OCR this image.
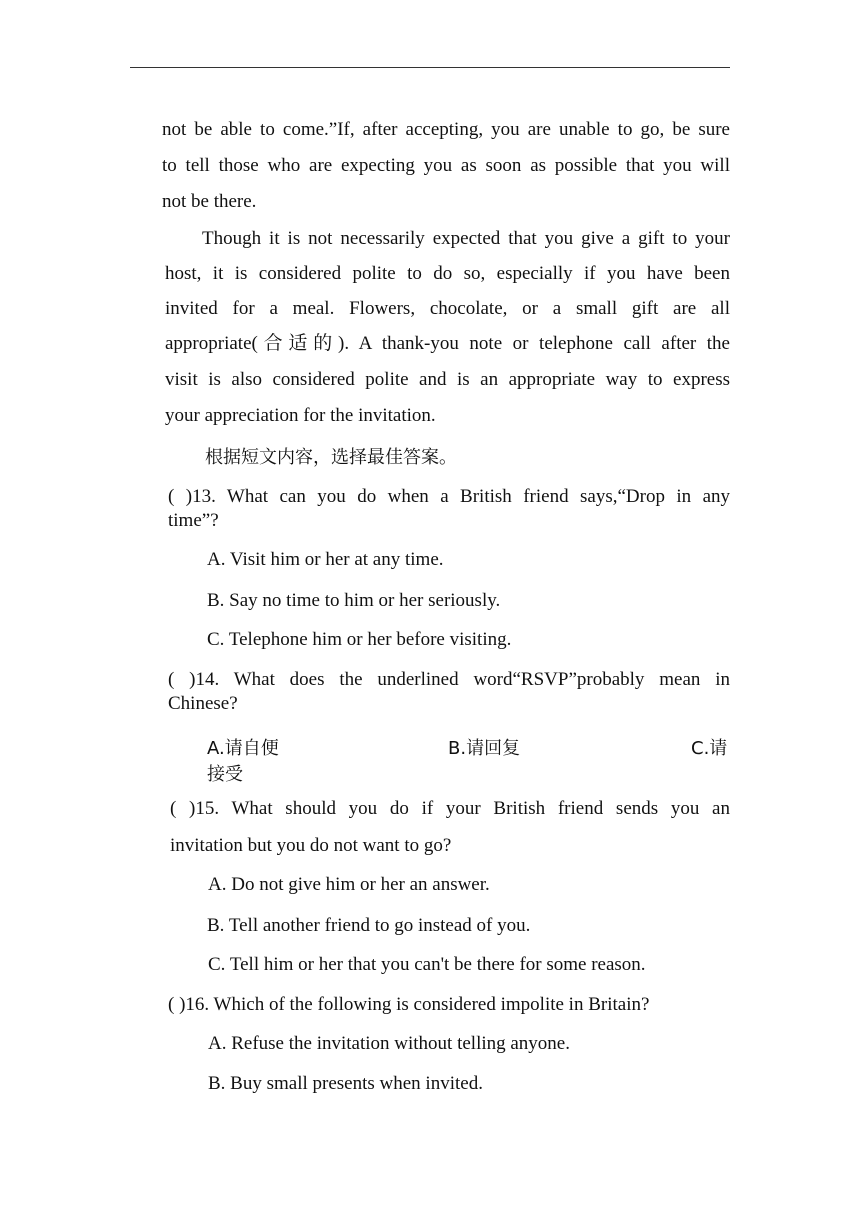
not be able to come.”If, after accepting, you are unable to go, be sure
to tell those who are expecting you as soon as possible that you will
not be there.
Though it is not necessarily expected that you give a gift to your
host, it is considered polite to do so, especially if you have been
invited for a meal. Flowers, chocolate, or a small gift are all
appropriate(合适的). A thank-you note or telephone call after the
visit is also considered polite and is an appropriate way to express
your appreciation for the invitation.
根据短文内容，选择最佳答案。
( )13. What can you do when a British friend says,“Drop in any
time”?
A. Visit him or her at any time.
B. Say no time to him or her seriously.
C. Telephone him or her before visiting.
( )14. What does the underlined word“RSVP”probably mean in
Chinese?
A.请自便	B.请回复	C.请
接受
( )15. What should you do if your British friend sends you an
invitation but you do not want to go?
A. Do not give him or her an answer.
B. Tell another friend to go instead of you.
C. Tell him or her that you can't be there for some reason.
( )16. Which of the following is considered impolite in Britain?
A. Refuse the invitation without telling anyone.
B. Buy small presents when invited.
